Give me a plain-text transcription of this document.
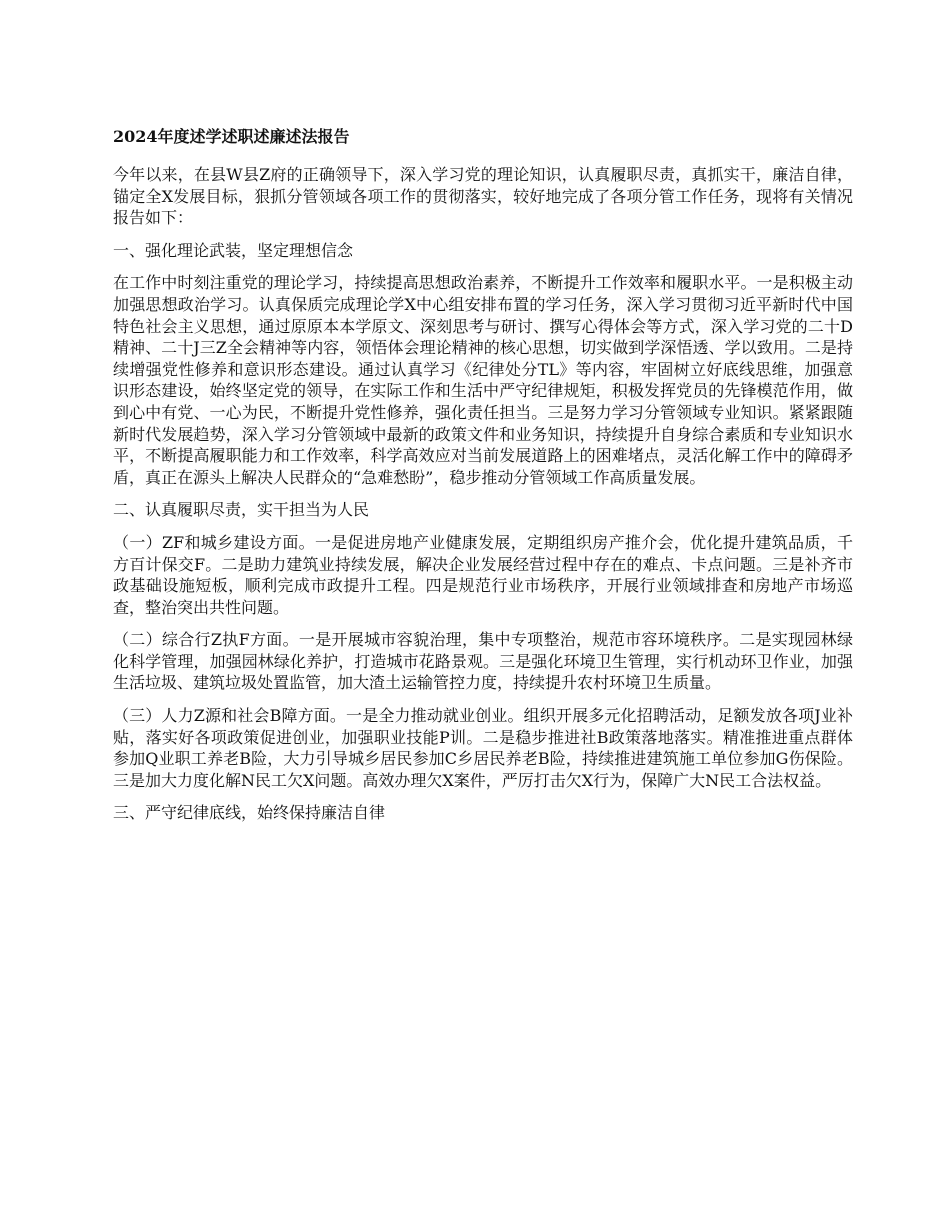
2024年度述学述职述廉述法报告

今年以来，在县W县Z府的正确领导下，深入学习党的理论知识，认真履职尽责，真抓实干，廉洁自律，锚定全X发展目标，狠抓分管领域各项工作的贯彻落实，较好地完成了各项分管工作任务，现将有关情况报告如下：

一、强化理论武装，坚定理想信念

在工作中时刻注重党的理论学习，持续提高思想政治素养，不断提升工作效率和履职水平。一是积极主动加强思想政治学习。认真保质完成理论学X中心组安排布置的学习任务，深入学习贯彻习近平新时代中国特色社会主义思想，通过原原本本学原文、深刻思考与研讨、撰写心得体会等方式，深入学习党的二十D精神、二十J三Z全会精神等内容，领悟体会理论精神的核心思想，切实做到学深悟透、学以致用。二是持续增强党性修养和意识形态建设。通过认真学习《纪律处分TL》等内容，牢固树立好底线思维，加强意识形态建设，始终坚定党的领导，在实际工作和生活中严守纪律规矩，积极发挥党员的先锋模范作用，做到心中有党、一心为民，不断提升党性修养，强化责任担当。三是努力学习分管领域专业知识。紧紧跟随新时代发展趋势，深入学习分管领域中最新的政策文件和业务知识，持续提升自身综合素质和专业知识水平，不断提高履职能力和工作效率，科学高效应对当前发展道路上的困难堵点，灵活化解工作中的障碍矛盾，真正在源头上解决人民群众的“急难愁盼”，稳步推动分管领域工作高质量发展。

二、认真履职尽责，实干担当为人民

（一）ZF和城乡建设方面。一是促进房地产业健康发展，定期组织房产推介会，优化提升建筑品质，千方百计保交F。二是助力建筑业持续发展，解决企业发展经营过程中存在的难点、卡点问题。三是补齐市政基础设施短板，顺利完成市政提升工程。四是规范行业市场秩序，开展行业领域排查和房地产市场巡查，整治突出共性问题。

（二）综合行Z执F方面。一是开展城市容貌治理，集中专项整治，规范市容环境秩序。二是实现园林绿化科学管理，加强园林绿化养护，打造城市花路景观。三是强化环境卫生管理，实行机动环卫作业，加强生活垃圾、建筑垃圾处置监管，加大渣土运输管控力度，持续提升农村环境卫生质量。

（三）人力Z源和社会B障方面。一是全力推动就业创业。组织开展多元化招聘活动，足额发放各项J业补贴，落实好各项政策促进创业，加强职业技能P训。二是稳步推进社B政策落地落实。精准推进重点群体参加Q业职工养老B险，大力引导城乡居民参加C乡居民养老B险，持续推进建筑施工单位参加G伤保险。三是加大力度化解N民工欠X问题。高效办理欠X案件，严厉打击欠X行为，保障广大N民工合法权益。

三、严守纪律底线，始终保持廉洁自律
